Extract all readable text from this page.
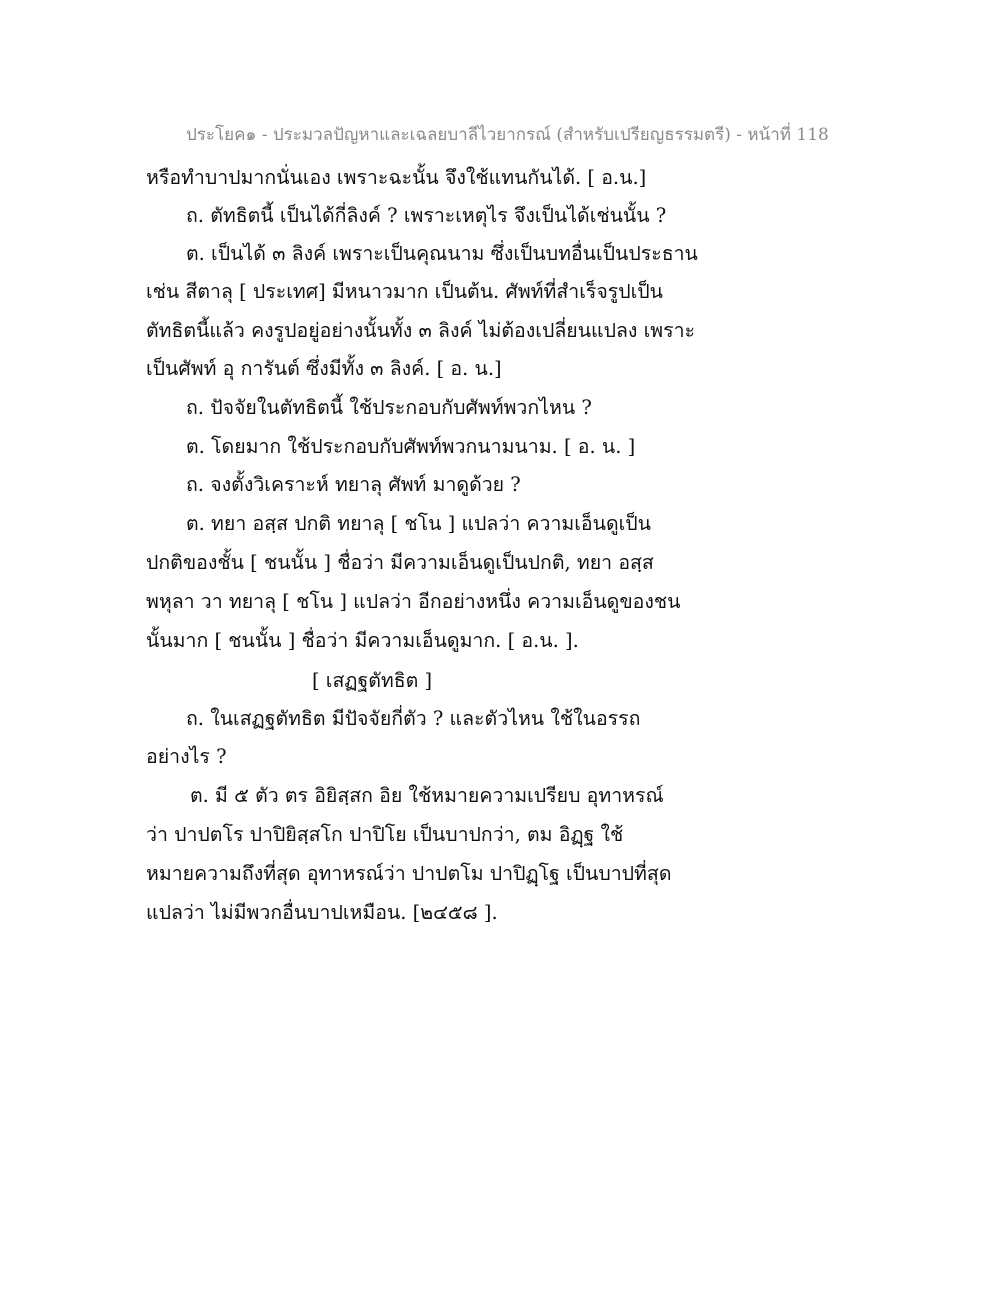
ประโยค๑ - ประมวลปัญหาและเฉลยบาลีไวยากรณ์ (สำหรับเปรียญธรรมตรี) - หน้าที่ 118
หรือทำบาปมากนั่นเอง เพราะฉะนั้น จึงใช้แทนกันได้. [ อ.น.]
ถ. ตัทธิตนี้ เป็นได้กี่ลิงค์ ? เพราะเหตุไร จึงเป็นได้เช่นนั้น ?
ต. เป็นได้ ๓ ลิงค์ เพราะเป็นคุณนาม ซึ่งเป็นบทอื่นเป็นประธาน
เช่น สีตาลุ [ ประเทศ] มีหนาวมาก เป็นต้น. ศัพท์ที่สำเร็จรูปเป็น
ตัทธิตนี้แล้ว คงรูปอยู่อย่างนั้นทั้ง ๓ ลิงค์ ไม่ต้องเปลี่ยนแปลง เพราะ
เป็นศัพท์ อุ การันต์ ซึ่งมีทั้ง ๓ ลิงค์. [ อ. น.]
ถ. ปัจจัยในตัทธิตนี้ ใช้ประกอบกับศัพท์พวกไหน ?
ต. โดยมาก ใช้ประกอบกับศัพท์พวกนามนาม. [ อ. น. ]
ถ. จงตั้งวิเคราะห์ ทยาลุ ศัพท์ มาดูด้วย ?
ต. ทยา อสฺส ปกติ ทยาลุ [ ชโน ] แปลว่า ความเอ็นดูเป็น
ปกติของชั้น [ ชนนั้น ] ชื่อว่า มีความเอ็นดูเป็นปกติ, ทยา อสฺส
พหุลา วา ทยาลุ [ ชโน ] แปลว่า อีกอย่างหนึ่ง ความเอ็นดูของชน
นั้นมาก [ ชนนั้น ] ชื่อว่า มีความเอ็นดูมาก. [ อ.น. ].
[ เสฏฐตัทธิต ]
ถ. ในเสฏฐตัทธิต มีปัจจัยกี่ตัว ? และตัวไหน ใช้ในอรรถ
อย่างไร ?
ต. มี ๕ ตัว ตร อิยิสฺสก อิย ใช้หมายความเปรียบ อุทาหรณ์
ว่า ปาปตโร ปาปิยิสฺสโก ปาปิโย เป็นบาปกว่า, ตม อิฏฺฐ ใช้
หมายความถึงที่สุด อุทาหรณ์ว่า ปาปตโม ปาปิฏฺโฐ เป็นบาปที่สุด
แปลว่า ไม่มีพวกอื่นบาปเหมือน. [๒๔๕๘ ].
